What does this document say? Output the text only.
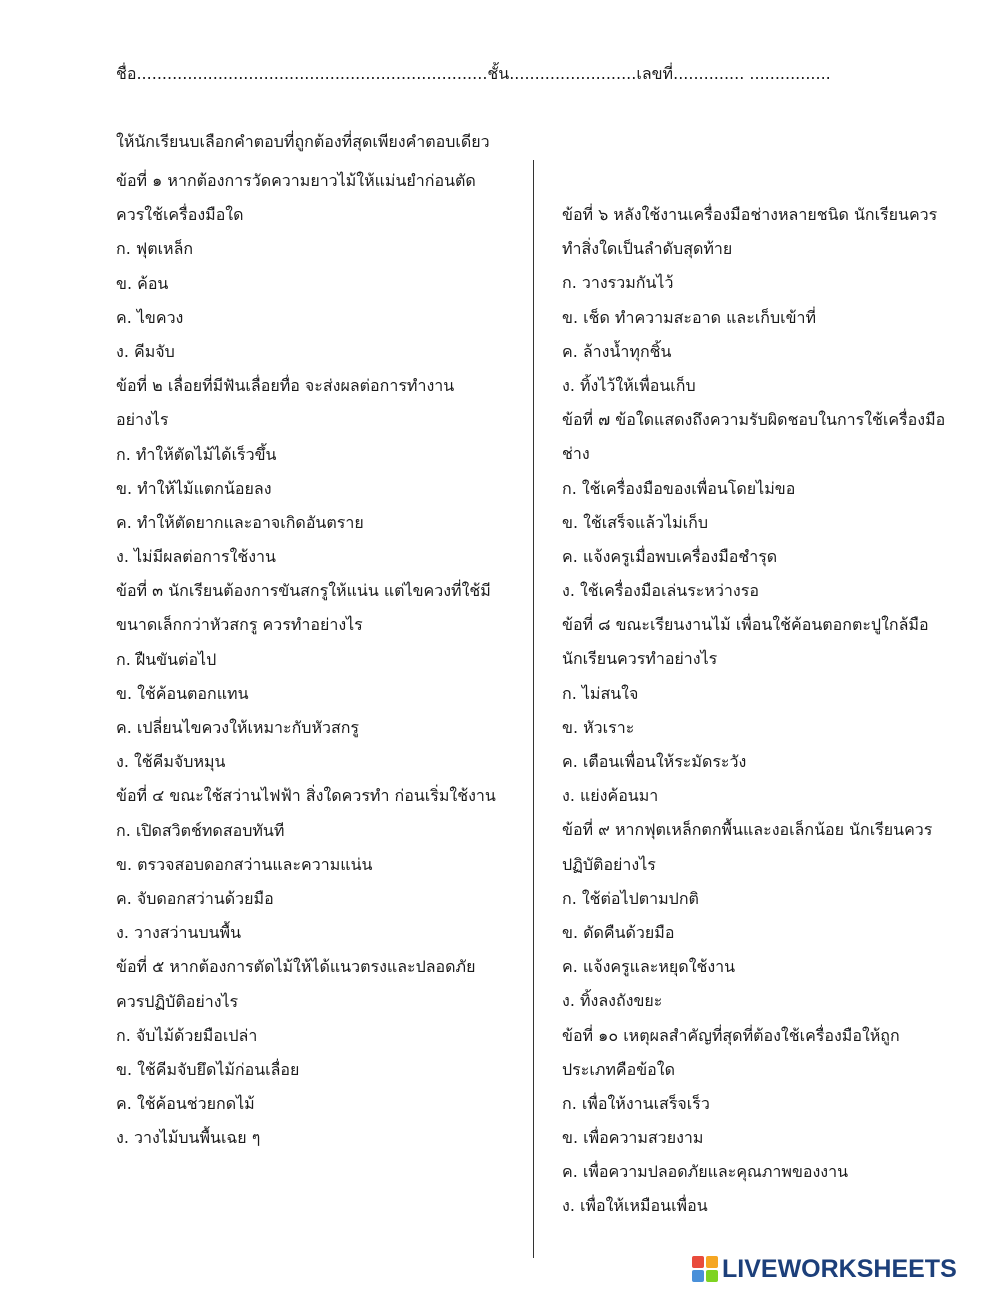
ชื่อ.....................................................................ชั้น.........................เลขที่.............. ................
ให้นักเรียนบเลือกคำตอบที่ถูกต้องที่สุดเพียงคำตอบเดียว
ข้อที่ ๑ หากต้องการวัดความยาวไม้ให้แม่นยำก่อนตัด
ควรใช้เครื่องมือใด
ก. ฟุตเหล็ก
ข. ค้อน
ค. ไขควง
ง. คีมจับ
ข้อที่ ๒ เลื่อยที่มีฟันเลื่อยทื่อ จะส่งผลต่อการทำงาน
อย่างไร
ก. ทำให้ตัดไม้ได้เร็วขึ้น
ข. ทำให้ไม้แตกน้อยลง
ค. ทำให้ตัดยากและอาจเกิดอันตราย
ง. ไม่มีผลต่อการใช้งาน
ข้อที่ ๓ นักเรียนต้องการขันสกรูให้แน่น แต่ไขควงที่ใช้มี
ขนาดเล็กกว่าหัวสกรู ควรทำอย่างไร
ก. ฝืนขันต่อไป
ข. ใช้ค้อนตอกแทน
ค. เปลี่ยนไขควงให้เหมาะกับหัวสกรู
ง. ใช้คีมจับหมุน
ข้อที่ ๔ ขณะใช้สว่านไฟฟ้า สิ่งใดควรทำ ก่อนเริ่มใช้งาน
ก. เปิดสวิตช์ทดสอบทันที
ข. ตรวจสอบดอกสว่านและความแน่น
ค. จับดอกสว่านด้วยมือ
ง. วางสว่านบนพื้น
ข้อที่ ๕ หากต้องการตัดไม้ให้ได้แนวตรงและปลอดภัย
ควรปฏิบัติอย่างไร
ก. จับไม้ด้วยมือเปล่า
ข. ใช้คีมจับยึดไม้ก่อนเลื่อย
ค. ใช้ค้อนช่วยกดไม้
ง. วางไม้บนพื้นเฉย ๆ
ข้อที่ ๖ หลังใช้งานเครื่องมือช่างหลายชนิด นักเรียนควร
ทำสิ่งใดเป็นลำดับสุดท้าย
ก. วางรวมกันไว้
ข. เช็ด ทำความสะอาด และเก็บเข้าที่
ค. ล้างน้ำทุกชิ้น
ง. ทิ้งไว้ให้เพื่อนเก็บ
ข้อที่ ๗ ข้อใดแสดงถึงความรับผิดชอบในการใช้เครื่องมือ
ช่าง
ก. ใช้เครื่องมือของเพื่อนโดยไม่ขอ
ข. ใช้เสร็จแล้วไม่เก็บ
ค. แจ้งครูเมื่อพบเครื่องมือชำรุด
ง. ใช้เครื่องมือเล่นระหว่างรอ
ข้อที่ ๘ ขณะเรียนงานไม้ เพื่อนใช้ค้อนตอกตะปูใกล้มือ
นักเรียนควรทำอย่างไร
ก. ไม่สนใจ
ข. หัวเราะ
ค. เตือนเพื่อนให้ระมัดระวัง
ง. แย่งค้อนมา
ข้อที่ ๙ หากฟุตเหล็กตกพื้นและงอเล็กน้อย นักเรียนควร
ปฏิบัติอย่างไร
ก. ใช้ต่อไปตามปกติ
ข. ดัดคืนด้วยมือ
ค. แจ้งครูและหยุดใช้งาน
ง. ทิ้งลงถังขยะ
ข้อที่ ๑๐ เหตุผลสำคัญที่สุดที่ต้องใช้เครื่องมือให้ถูก
ประเภทคือข้อใด
ก. เพื่อให้งานเสร็จเร็ว
ข. เพื่อความสวยงาม
ค. เพื่อความปลอดภัยและคุณภาพของงาน
ง. เพื่อให้เหมือนเพื่อน
LIVEWORKSHEETS
